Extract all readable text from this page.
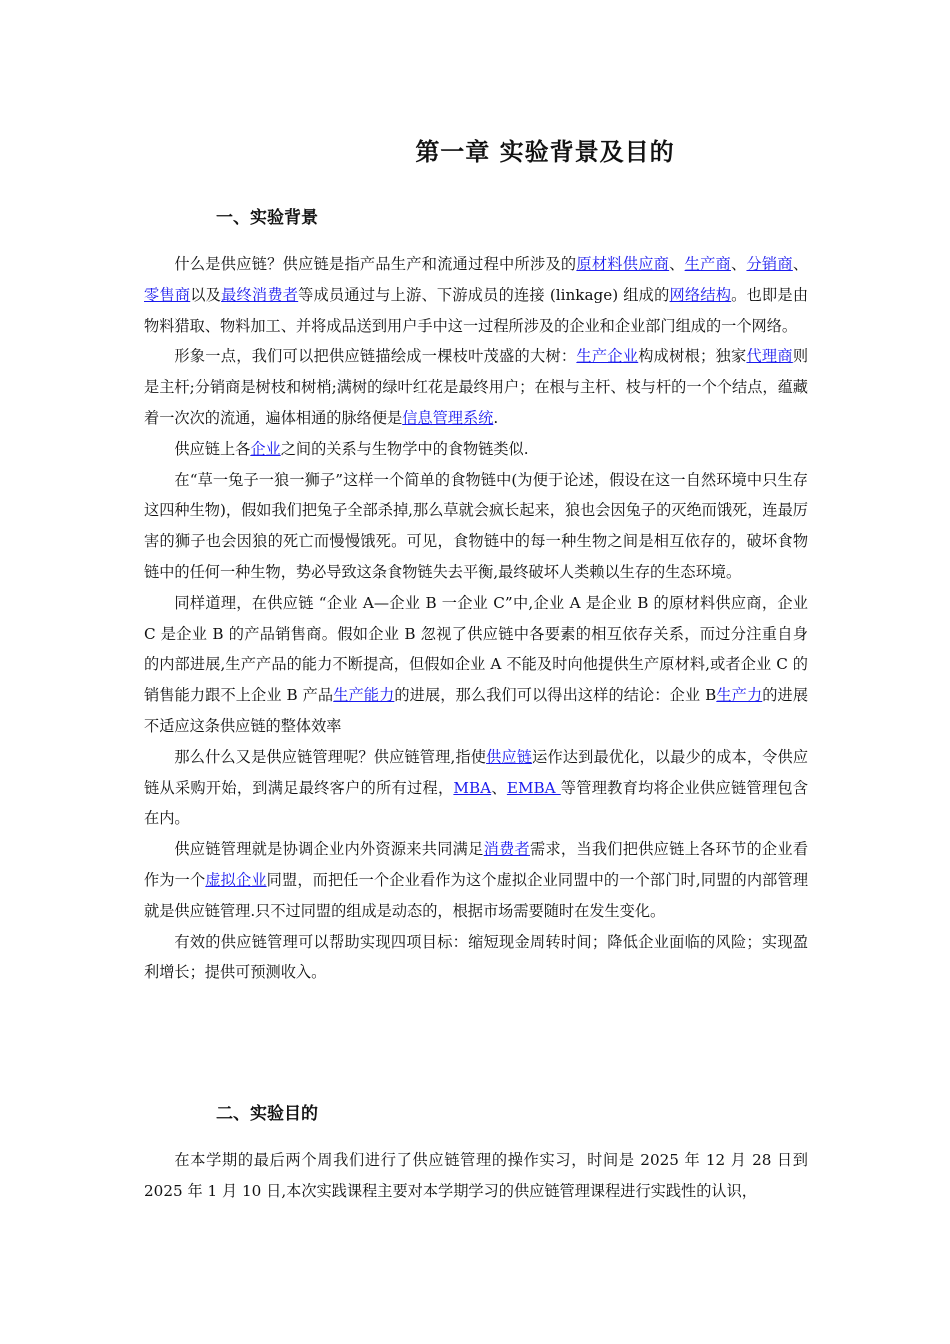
第一章 实验背景及目的
一、实验背景

什么是供应链？供应链是指产品生产和流通过程中所涉及的原材料供应商、生产商、分销商、零售商以及最终消费者等成员通过与上游、下游成员的连接 (linkage) 组成的网络结构。也即是由物料猎取、物料加工、并将成品送到用户手中这一过程所涉及的企业和企业部门组成的一个网络。

形象一点，我们可以把供应链描绘成一棵枝叶茂盛的大树：生产企业构成树根；独家代理商则是主杆;分销商是树枝和树梢;满树的绿叶红花是最终用户；在根与主杆、枝与杆的一个个结点，蕴藏着一次次的流通，遍体相通的脉络便是信息管理系统.

供应链上各企业之间的关系与生物学中的食物链类似.

在“草一兔子一狼一狮子”这样一个简单的食物链中(为便于论述，假设在这一自然环境中只生存这四种生物)，假如我们把兔子全部杀掉,那么草就会疯长起来，狼也会因兔子的灭绝而饿死，连最厉害的狮子也会因狼的死亡而慢慢饿死。可见，食物链中的每一种生物之间是相互依存的，破坏食物链中的任何一种生物，势必导致这条食物链失去平衡,最终破坏人类赖以生存的生态环境。

同样道理，在供应链 “企业 A—企业 B 一企业 C”中,企业 A 是企业 B 的原材料供应商，企业 C 是企业 B 的产品销售商。假如企业 B 忽视了供应链中各要素的相互依存关系，而过分注重自身的内部进展,生产产品的能力不断提高，但假如企业 A 不能及时向他提供生产原材料,或者企业 C 的销售能力跟不上企业 B 产品生产能力的进展，那么我们可以得出这样的结论：企业 B生产力的进展不适应这条供应链的整体效率

那么什么又是供应链管理呢？供应链管理,指使供应链运作达到最优化，以最少的成本，令供应链从采购开始，到满足最终客户的所有过程，MBA、EMBA 等管理教育均将企业供应链管理包含在内。

供应链管理就是协调企业内外资源来共同满足消费者需求，当我们把供应链上各环节的企业看作为一个虚拟企业同盟，而把任一个企业看作为这个虚拟企业同盟中的一个部门时,同盟的内部管理就是供应链管理.只不过同盟的组成是动态的，根据市场需要随时在发生变化。

有效的供应链管理可以帮助实现四项目标：缩短现金周转时间；降低企业面临的风险；实现盈利增长；提供可预测收入。

二、实验目的

在本学期的最后两个周我们进行了供应链管理的操作实习，时间是 2025 年 12 月 28 日到 2025 年 1 月 10 日,本次实践课程主要对本学期学习的供应链管理课程进行实践性的认识，
